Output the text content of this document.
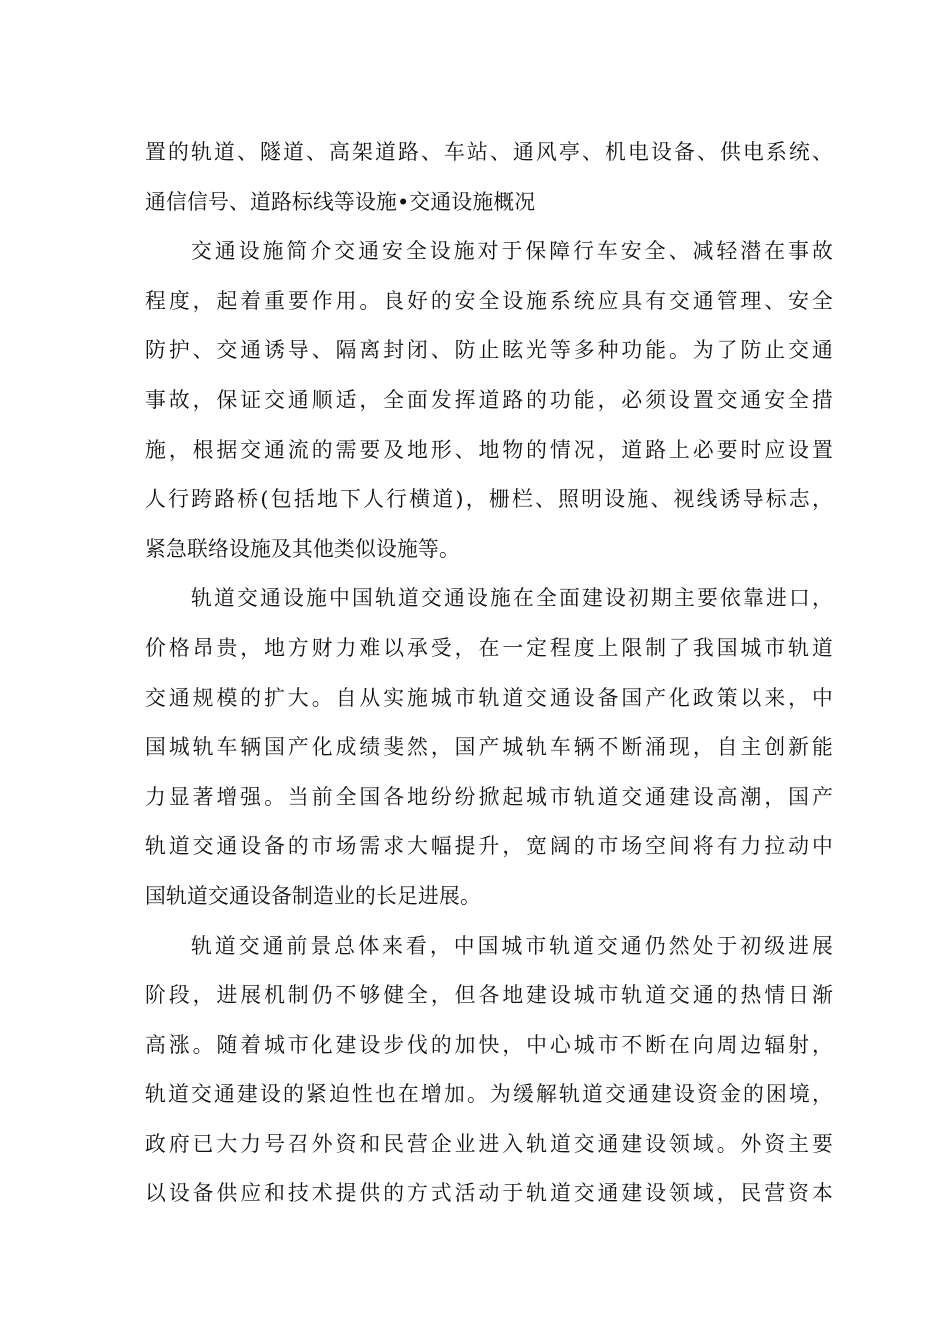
置的轨道、隧道、高架道路、车站、通风亭、机电设备、供电系统、
通信信号、道路标线等设施•交通设施概况
交通设施简介交通安全设施对于保障行车安全、减轻潜在事故
程度，起着重要作用。良好的安全设施系统应具有交通管理、安全
防护、交通诱导、隔离封闭、防止眩光等多种功能。为了防止交通
事故，保证交通顺适，全面发挥道路的功能，必须设置交通安全措
施，根据交通流的需要及地形、地物的情况，道路上必要时应设置
人行跨路桥(包括地下人行横道)，栅栏、照明设施、视线诱导标志，
紧急联络设施及其他类似设施等。
轨道交通设施中国轨道交通设施在全面建设初期主要依靠进口，
价格昂贵，地方财力难以承受，在一定程度上限制了我国城市轨道
交通规模的扩大。自从实施城市轨道交通设备国产化政策以来，中
国城轨车辆国产化成绩斐然，国产城轨车辆不断涌现，自主创新能
力显著增强。当前全国各地纷纷掀起城市轨道交通建设高潮，国产
轨道交通设备的市场需求大幅提升，宽阔的市场空间将有力拉动中
国轨道交通设备制造业的长足进展。
轨道交通前景总体来看，中国城市轨道交通仍然处于初级进展
阶段，进展机制仍不够健全，但各地建设城市轨道交通的热情日渐
高涨。随着城市化建设步伐的加快，中心城市不断在向周边辐射，
轨道交通建设的紧迫性也在增加。为缓解轨道交通建设资金的困境，
政府已大力号召外资和民营企业进入轨道交通建设领域。外资主要
以设备供应和技术提供的方式活动于轨道交通建设领域，民营资本
